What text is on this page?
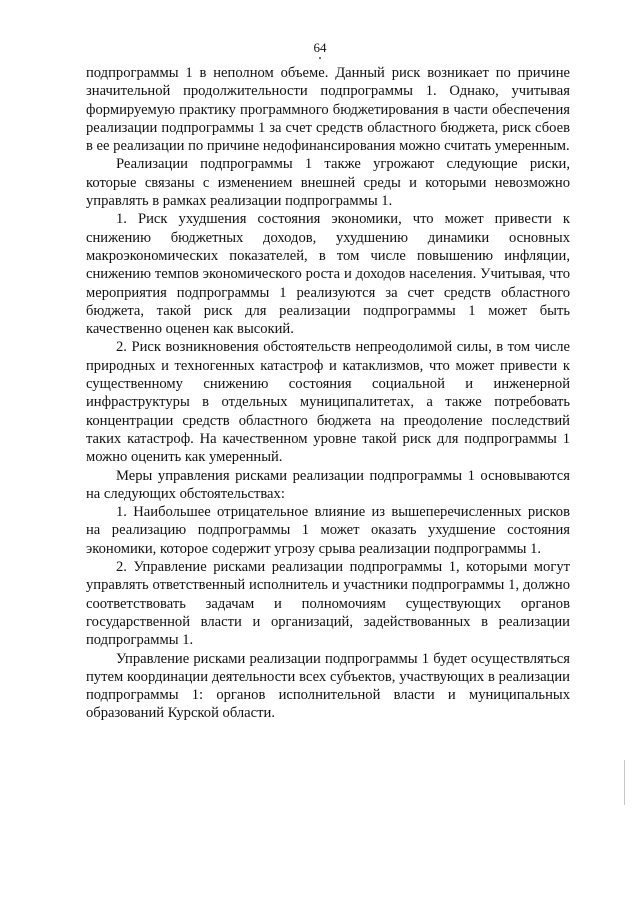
64

подпрограммы 1 в неполном объеме. Данный риск возникает по причине значительной продолжительности подпрограммы 1. Однако, учитывая формируемую практику программного бюджетирования в части обеспечения реализации подпрограммы 1 за счет средств областного бюджета, риск сбоев в ее реализации по причине недофинансирования можно считать умеренным.

Реализации подпрограммы 1 также угрожают следующие риски, которые связаны с изменением внешней среды и которыми невозможно управлять в рамках реализации подпрограммы 1.

1. Риск ухудшения состояния экономики, что может привести к снижению бюджетных доходов, ухудшению динамики основных макроэкономических показателей, в том числе повышению инфляции, снижению темпов экономического роста и доходов населения. Учитывая, что мероприятия подпрограммы 1 реализуются за счет средств областного бюджета, такой риск для реализации подпрограммы 1 может быть качественно оценен как высокий.

2. Риск возникновения обстоятельств непреодолимой силы, в том числе природных и техногенных катастроф и катаклизмов, что может привести к существенному снижению состояния социальной и инженерной инфраструктуры в отдельных муниципалитетах, а также потребовать концентрации средств областного бюджета на преодоление последствий таких катастроф. На качественном уровне такой риск для подпрограммы 1 можно оценить как умеренный.

Меры управления рисками реализации подпрограммы 1 основываются на следующих обстоятельствах:

1. Наибольшее отрицательное влияние из вышеперечисленных рисков на реализацию подпрограммы 1 может оказать ухудшение состояния экономики, которое содержит угрозу срыва реализации подпрограммы 1.

2. Управление рисками реализации подпрограммы 1, которыми могут управлять ответственный исполнитель и участники подпрограммы 1, должно соответствовать задачам и полномочиям существующих органов государственной власти и организаций, задействованных в реализации подпрограммы 1.

Управление рисками реализации подпрограммы 1 будет осуществляться путем координации деятельности всех субъектов, участвующих в реализации подпрограммы 1: органов исполнительной власти и муниципальных образований Курской области.
